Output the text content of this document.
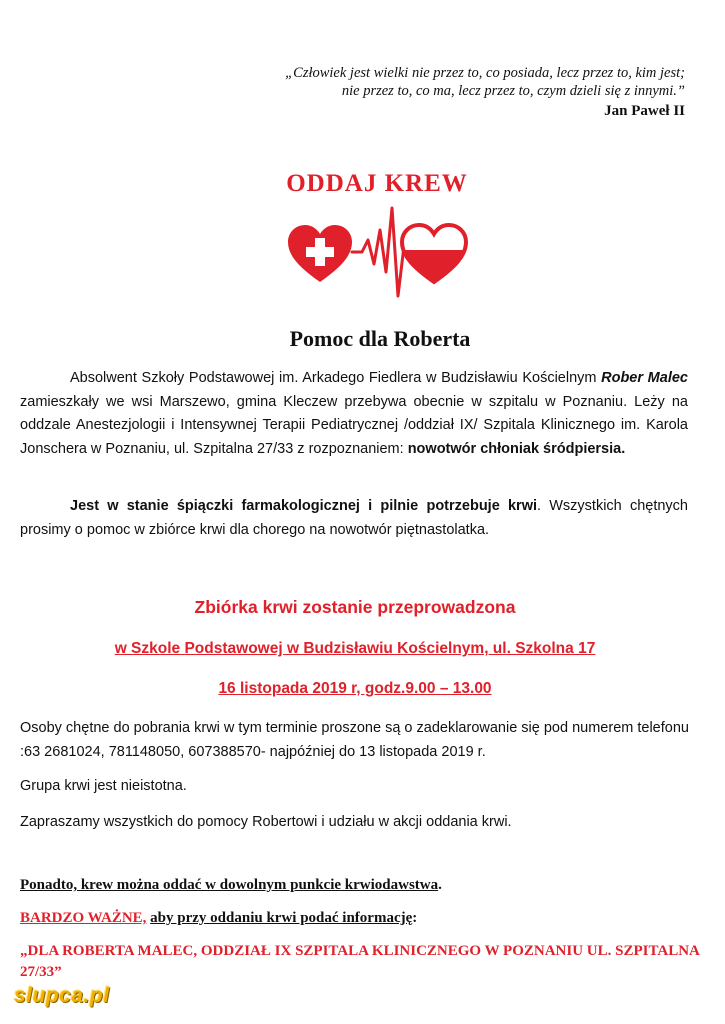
„Człowiek jest wielki nie przez to, co posiada, lecz przez to, kim jest;
nie przez to, co ma, lecz przez to, czym dzieli się z innymi.”
Jan Paweł II
ODDAJ KREW
Pomoc dla Roberta
Absolwent Szkoły Podstawowej im. Arkadego Fiedlera w Budzisławiu Kościelnym Rober Malec zamieszkały we wsi Marszewo, gmina Kleczew przebywa obecnie w szpitalu w Poznaniu. Leży na oddzale Anestezjologii i Intensywnej Terapii Pediatrycznej /oddział IX/ Szpitala Klinicznego im. Karola Jonschera w Poznaniu, ul. Szpitalna 27/33 z rozpoznaniem: nowotwór chłoniak śródpiersia.
Jest w stanie śpiączki farmakologicznej i pilnie potrzebuje krwi. Wszystkich chętnych prosimy o pomoc w zbiórce krwi dla chorego na nowotwór piętnastolatka.
Zbiórka krwi zostanie przeprowadzona
w Szkole Podstawowej w Budzisławiu Kościelnym, ul. Szkolna 17
16 listopada 2019 r, godz.9.00 – 13.00
Osoby chętne do pobrania krwi w tym terminie proszone są o zadeklarowanie się pod numerem telefonu :63 2681024, 781148050, 607388570- najpóźniej do 13 listopada 2019 r.
Grupa krwi jest nieistotna.
Zapraszamy wszystkich do pomocy Robertowi i udziału w akcji oddania krwi.
Ponadto, krew można oddać w dowolnym punkcie krwiodawstwa.
BARDZO WAŻNE, aby przy oddaniu krwi podać informację:
„DLA ROBERTA MALEC, ODDZIAŁ IX SZPITALA KLINICZNEGO W POZNANIU UL. SZPITALNA 27/33”
slupca.pl
